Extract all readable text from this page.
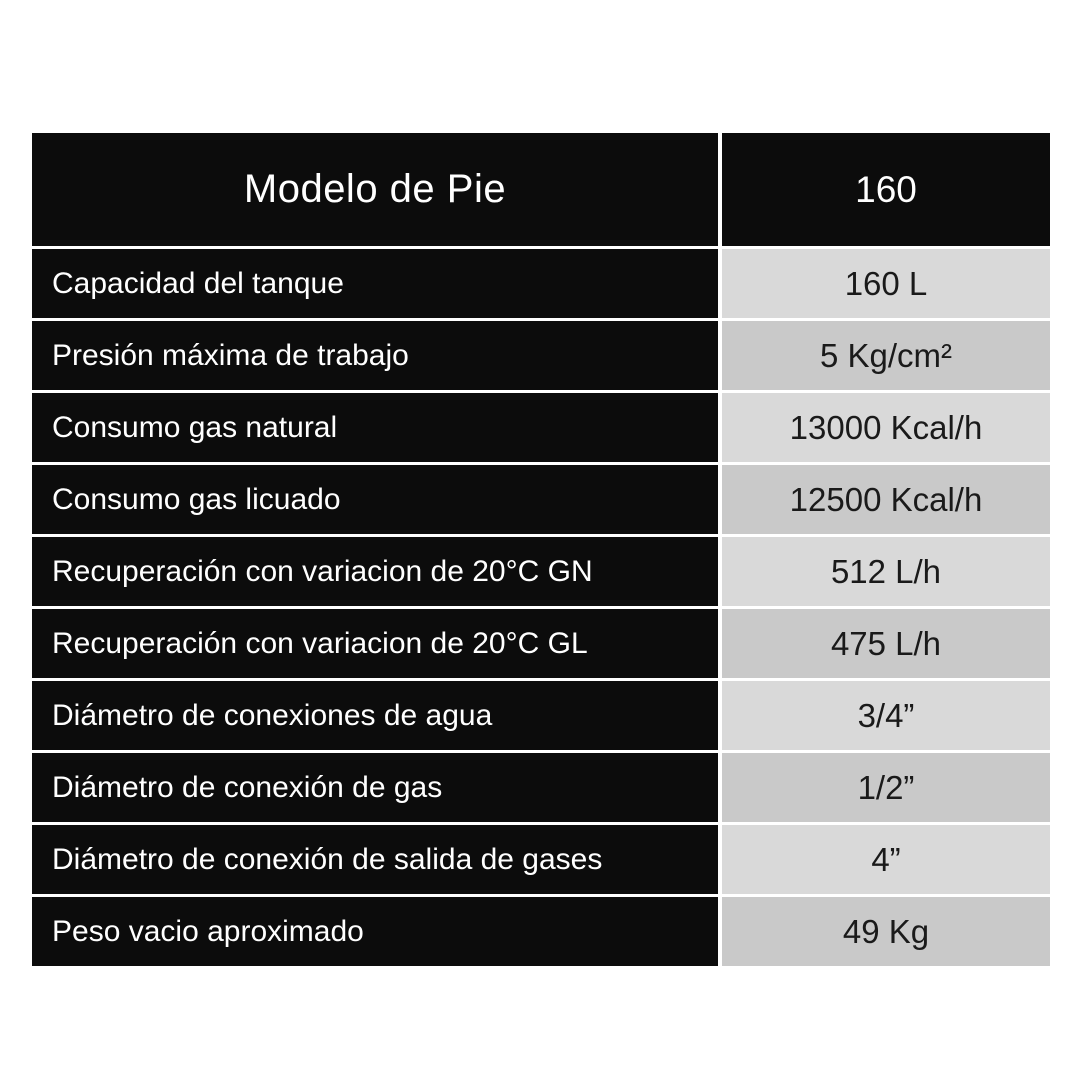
Modelo de Pie	160
Capacidad del tanque	160 L
Presión máxima de trabajo	5 Kg/cm²
Consumo gas natural	13000 Kcal/h
Consumo gas licuado	12500 Kcal/h
Recuperación con variacion de 20°C GN	512 L/h
Recuperación con variacion de 20°C GL	475 L/h
Diámetro de conexiones de agua	3/4”
Diámetro de conexión de gas	1/2”
Diámetro de conexión de salida de gases	4”
Peso vacio aproximado	49 Kg
